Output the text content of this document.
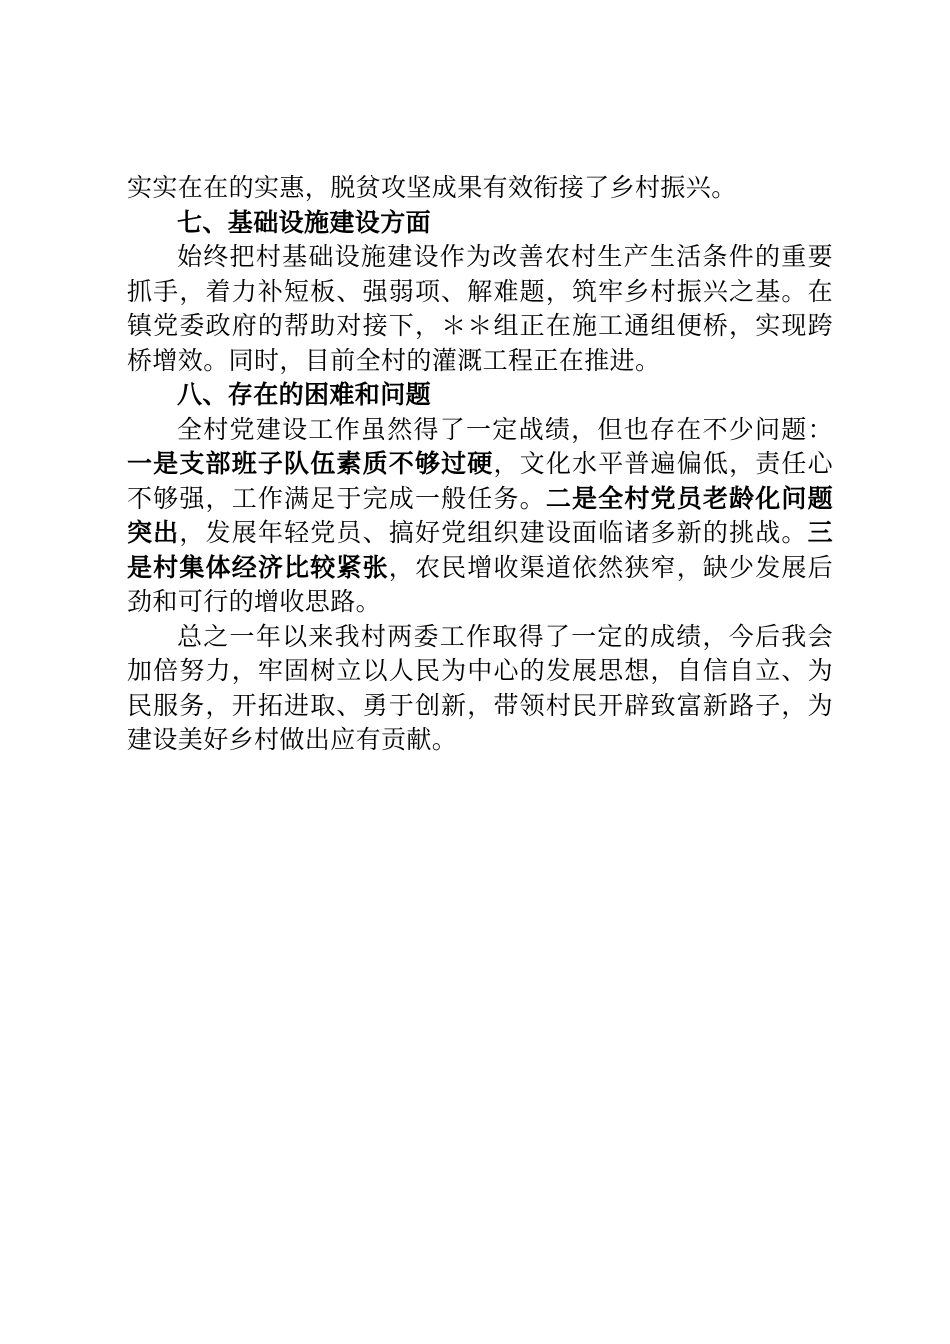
实实在在的实惠，脱贫攻坚成果有效衔接了乡村振兴。

七、基础设施建设方面

始终把村基础设施建设作为改善农村生产生活条件的重要抓手，着力补短板、强弱项、解难题，筑牢乡村振兴之基。在镇党委政府的帮助对接下，＊＊组正在施工通组便桥，实现跨桥增效。同时，目前全村的灌溉工程正在推进。

八、存在的困难和问题

全村党建设工作虽然得了一定战绩，但也存在不少问题：一是支部班子队伍素质不够过硬，文化水平普遍偏低，责任心不够强，工作满足于完成一般任务。二是全村党员老龄化问题突出，发展年轻党员、搞好党组织建设面临诸多新的挑战。三是村集体经济比较紧张，农民增收渠道依然狭窄，缺少发展后劲和可行的增收思路。

总之一年以来我村两委工作取得了一定的成绩，今后我会加倍努力，牢固树立以人民为中心的发展思想，自信自立、为民服务，开拓进取、勇于创新，带领村民开辟致富新路子，为建设美好乡村做出应有贡献。
